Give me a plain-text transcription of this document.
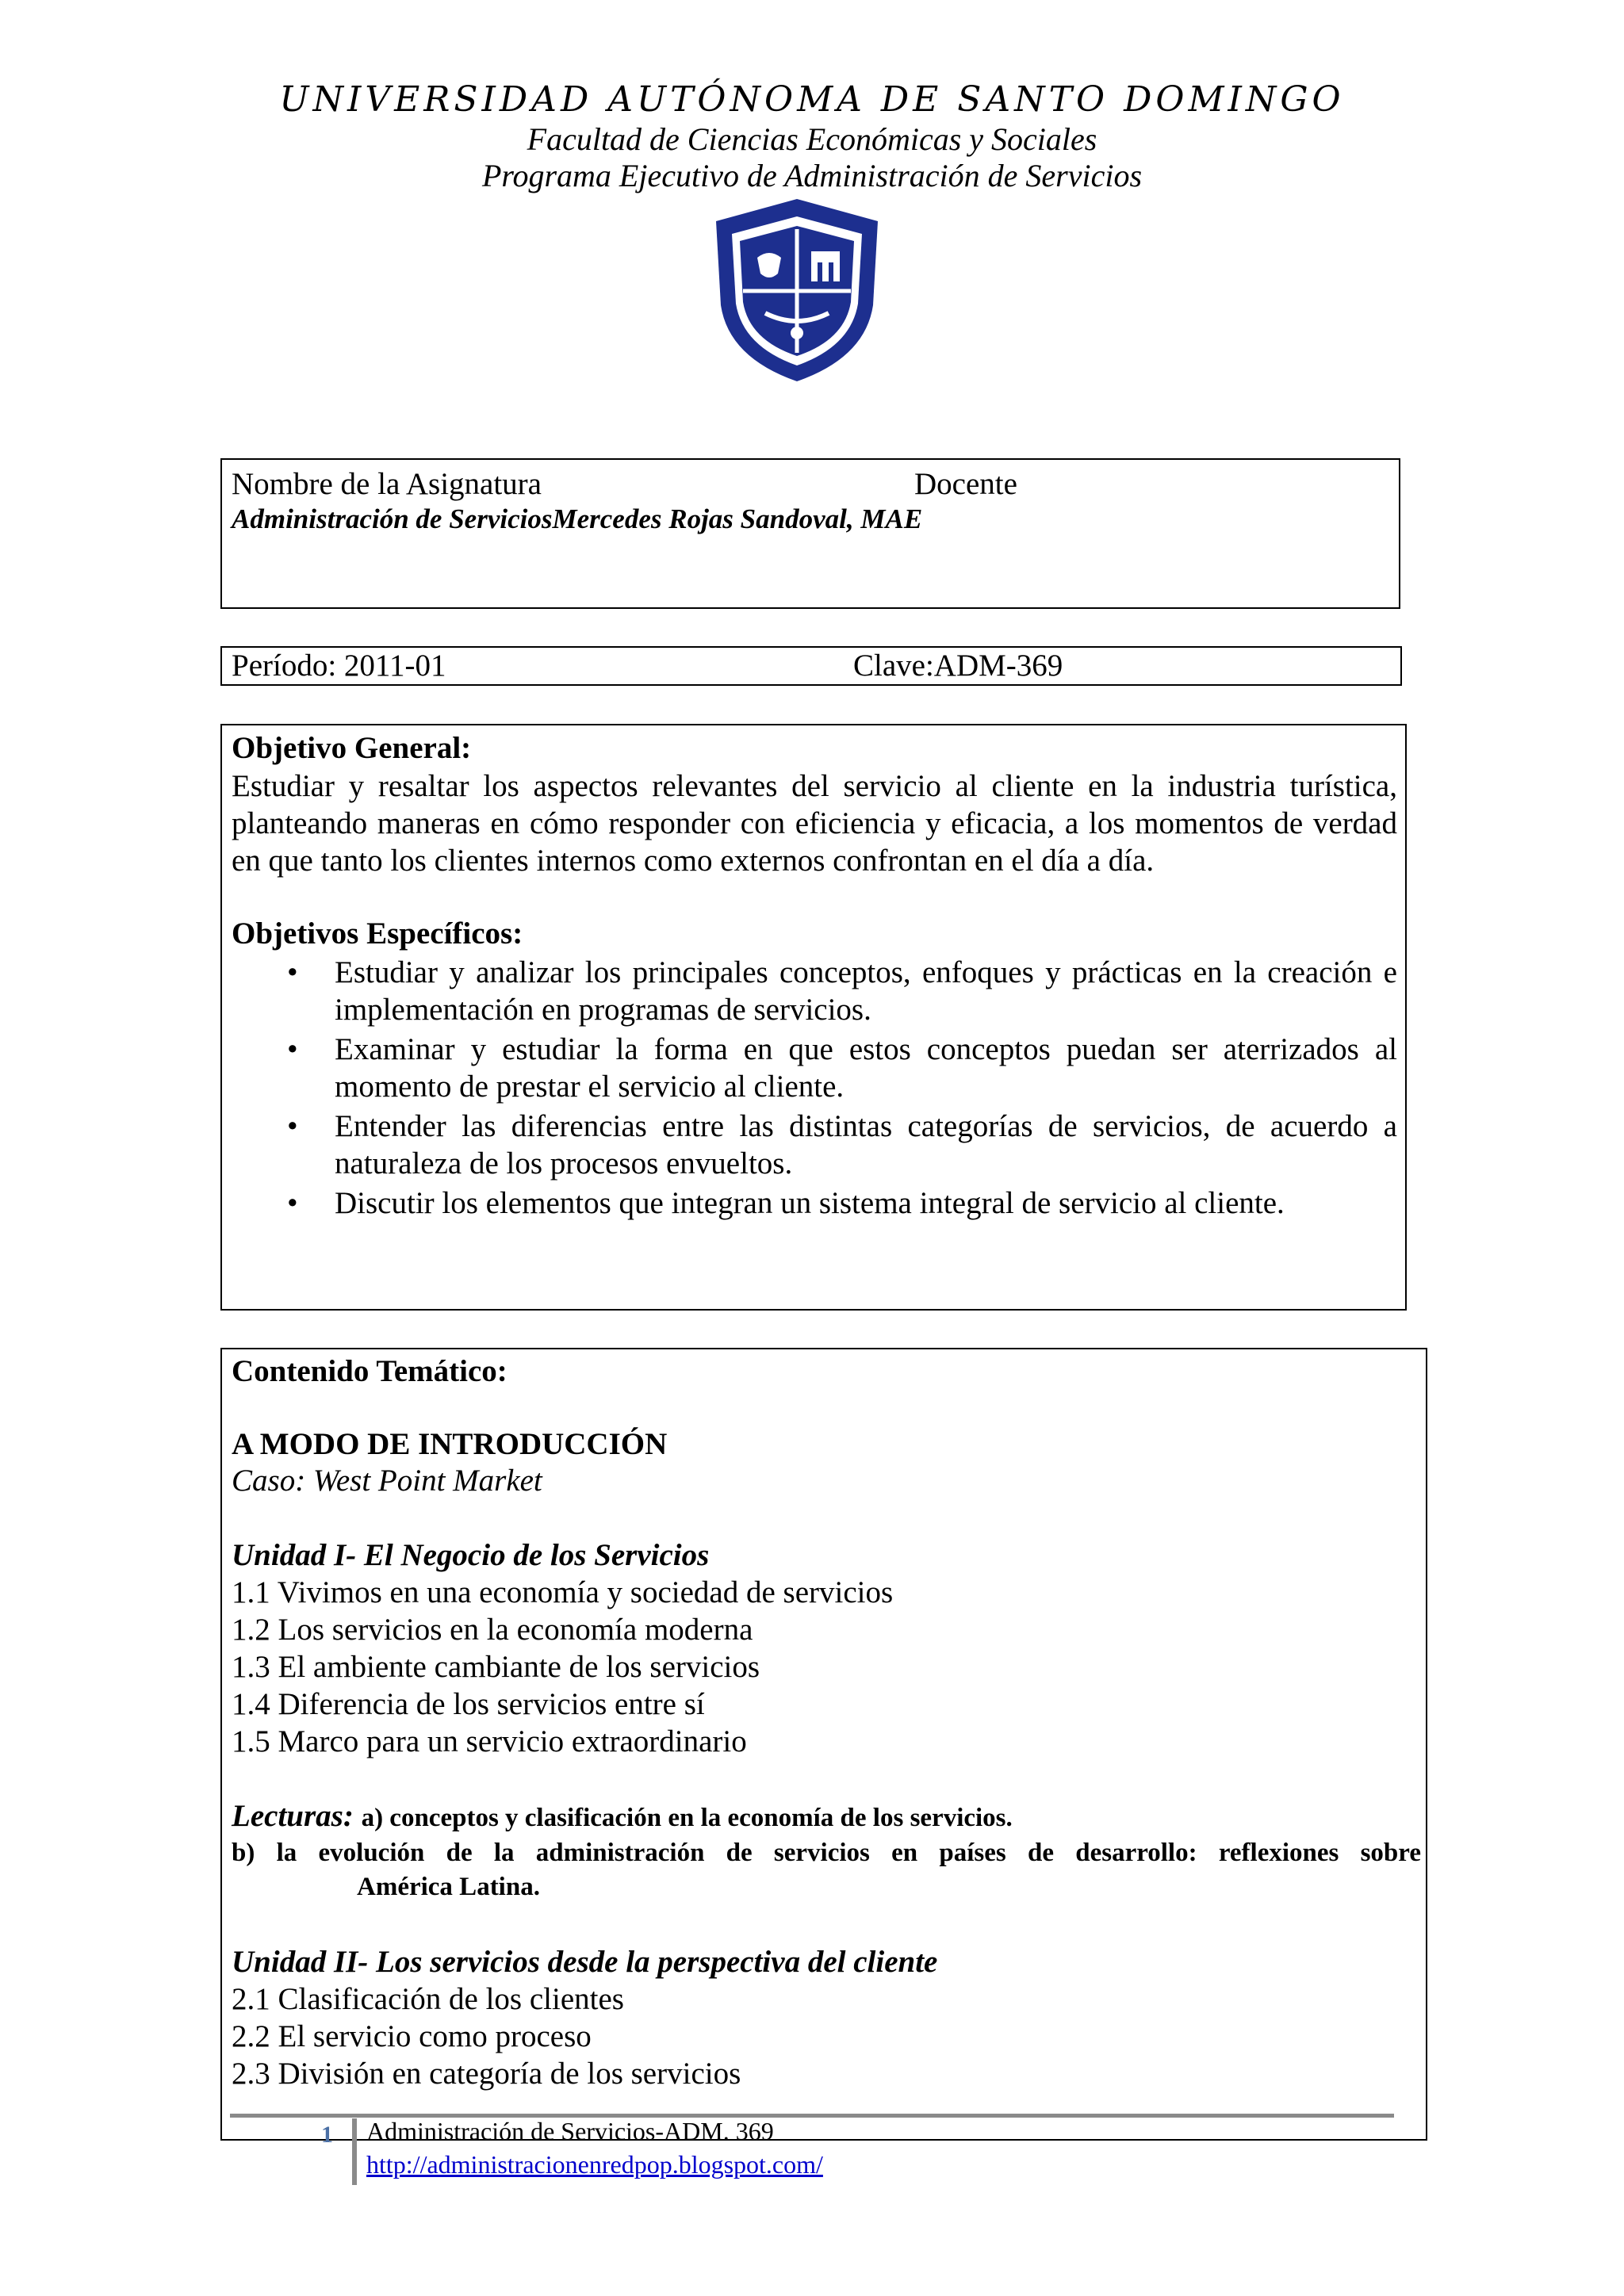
UNIVERSIDAD AUTÓNOMA DE SANTO DOMINGO
Facultad de Ciencias Económicas y Sociales
Programa Ejecutivo de Administración de Servicios
Nombre de la Asignatura	Docente
Administración de ServiciosMercedes Rojas Sandoval, MAE
Período: 2011-01	Clave:ADM-369
Objetivo General:
Estudiar y resaltar los aspectos relevantes del servicio al cliente en la industria turística, planteando maneras en cómo responder con eficiencia y eficacia, a los momentos de verdad en que tanto los clientes internos como externos confrontan en el día a día.
Objetivos Específicos:
• Estudiar y analizar los principales conceptos, enfoques y prácticas en la creación e implementación en programas de servicios.
• Examinar y estudiar la forma en que estos conceptos puedan ser aterrizados al momento de prestar el servicio al cliente.
• Entender las diferencias entre las distintas categorías de servicios, de acuerdo a naturaleza de los procesos envueltos.
• Discutir los elementos que integran un sistema integral de servicio al cliente.
Contenido Temático:
A MODO DE INTRODUCCIÓN
Caso: West Point Market
Unidad I- El Negocio de los Servicios
1.1 Vivimos en una economía y sociedad de servicios
1.2 Los servicios en la economía moderna
1.3 El ambiente cambiante de los servicios
1.4 Diferencia de los servicios entre sí
1.5 Marco para un servicio extraordinario
Lecturas: a) conceptos y clasificación en la economía de los servicios.
b) la evolución de la administración de servicios en países de desarrollo: reflexiones sobre
América Latina.
Unidad II- Los servicios desde la perspectiva del cliente
2.1 Clasificación de los clientes
2.2 El servicio como proceso
2.3 División en categoría de los servicios
1 Administración de Servicios-ADM. 369
http://administracionenredpop.blogspot.com/
